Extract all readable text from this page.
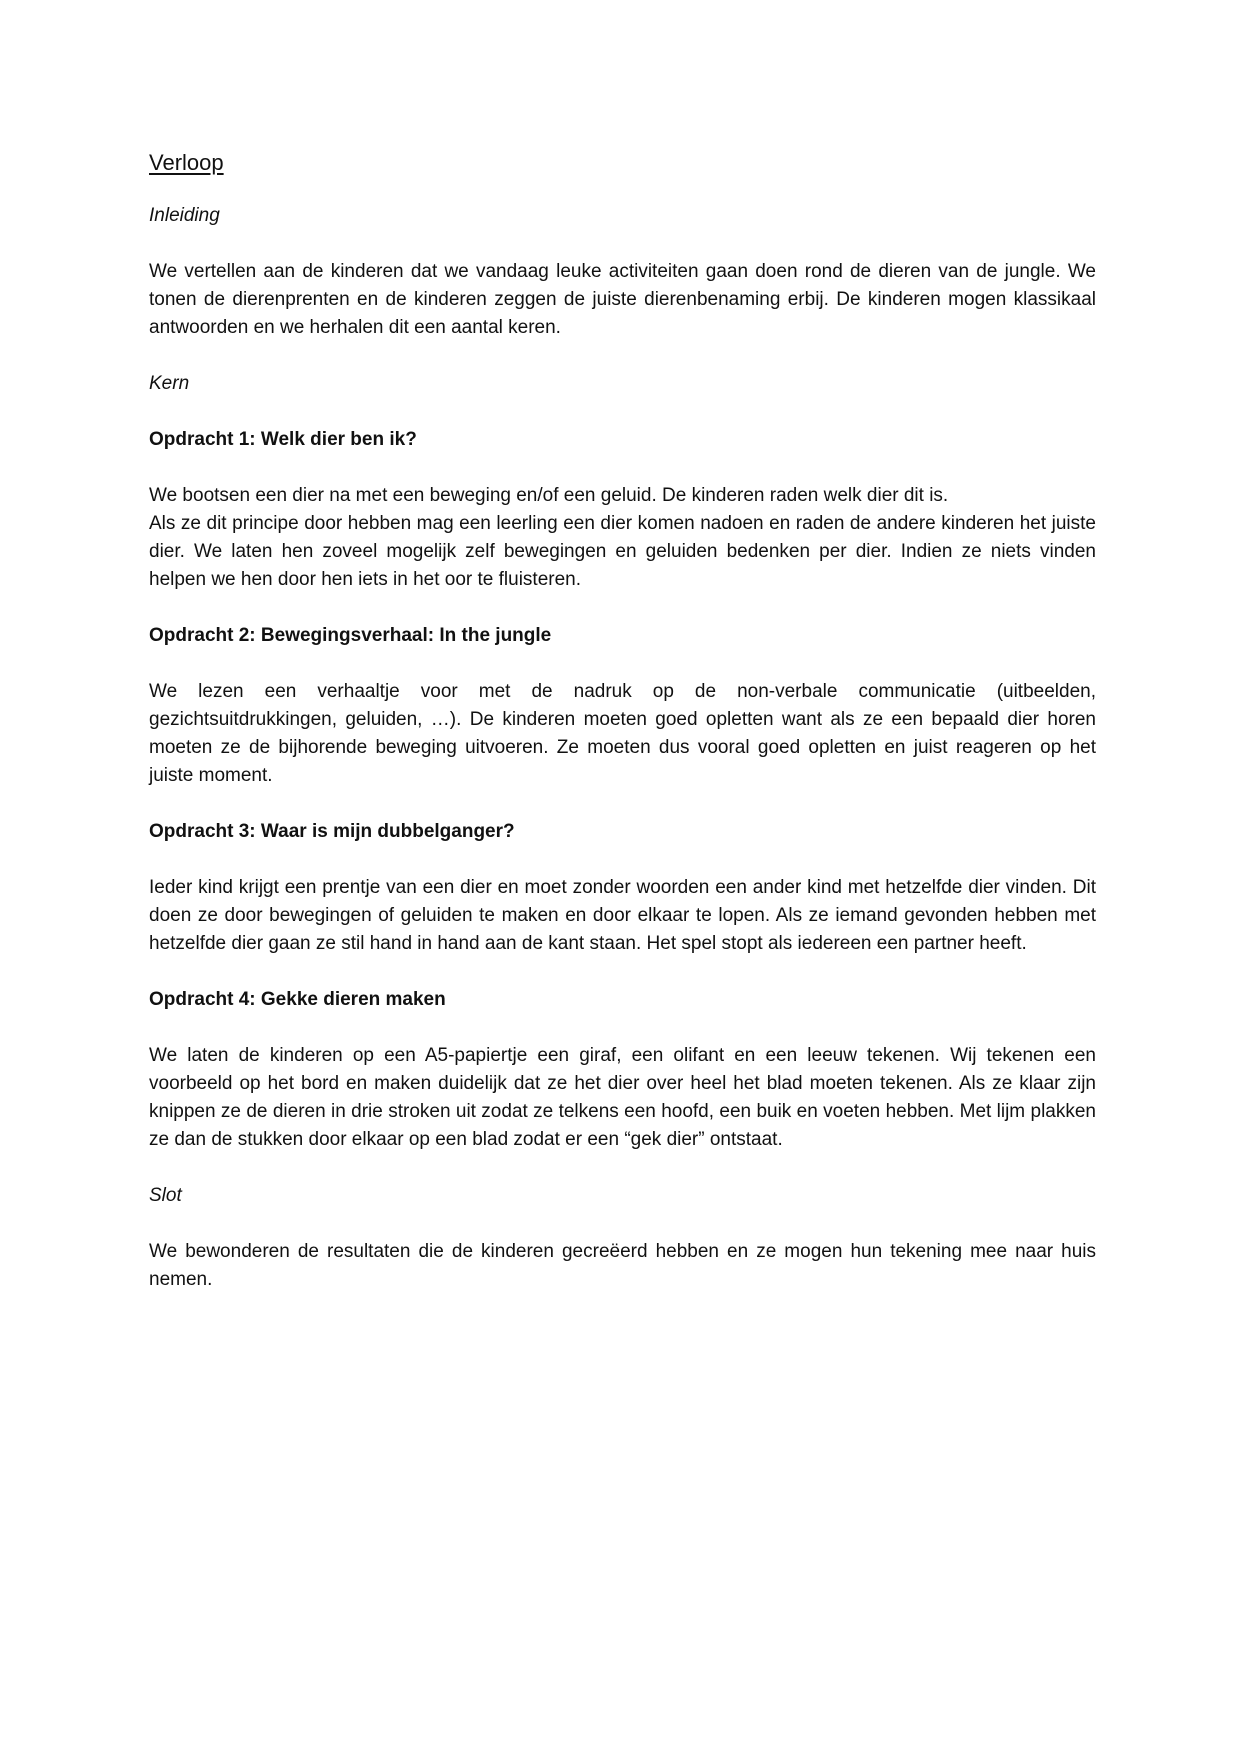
Verloop

Inleiding

We vertellen aan de kinderen dat we vandaag leuke activiteiten gaan doen rond de dieren van de jungle. We tonen de dierenprenten en de kinderen zeggen de juiste dierenbenaming erbij. De kinderen mogen klassikaal antwoorden en we herhalen dit een aantal keren.

Kern

Opdracht 1: Welk dier ben ik?

We bootsen een dier na met een beweging en/of een geluid. De kinderen raden welk dier dit is.

Als ze dit principe door hebben mag een leerling een dier komen nadoen en raden de andere kinderen het juiste dier. We laten hen zoveel mogelijk zelf bewegingen en geluiden bedenken per dier. Indien ze niets vinden helpen we hen door hen iets in het oor te fluisteren.

Opdracht 2: Bewegingsverhaal: In the jungle

We lezen een verhaaltje voor met de nadruk op de non-verbale communicatie (uitbeelden, gezichtsuitdrukkingen, geluiden, …). De kinderen moeten goed opletten want als ze een bepaald dier horen moeten ze de bijhorende beweging uitvoeren. Ze moeten dus vooral goed opletten en juist reageren op het juiste moment.

Opdracht 3: Waar is mijn dubbelganger?

Ieder kind krijgt een prentje van een dier en moet zonder woorden een ander kind met hetzelfde dier vinden. Dit doen ze door bewegingen of geluiden te maken en door elkaar te lopen. Als ze iemand gevonden hebben met hetzelfde dier gaan ze stil hand in hand aan de kant staan. Het spel stopt als iedereen een partner heeft.

Opdracht 4: Gekke dieren maken

We laten de kinderen op een A5-papiertje een giraf, een olifant en een leeuw tekenen. Wij tekenen een voorbeeld op het bord en maken duidelijk dat ze het dier over heel het blad moeten tekenen. Als ze klaar zijn knippen ze de dieren in drie stroken uit zodat ze telkens een hoofd, een buik en voeten hebben. Met lijm plakken ze dan de stukken door elkaar op een blad zodat er een “gek dier” ontstaat.

Slot

We bewonderen de resultaten die de kinderen gecreëerd hebben en ze mogen hun tekening mee naar huis nemen.
